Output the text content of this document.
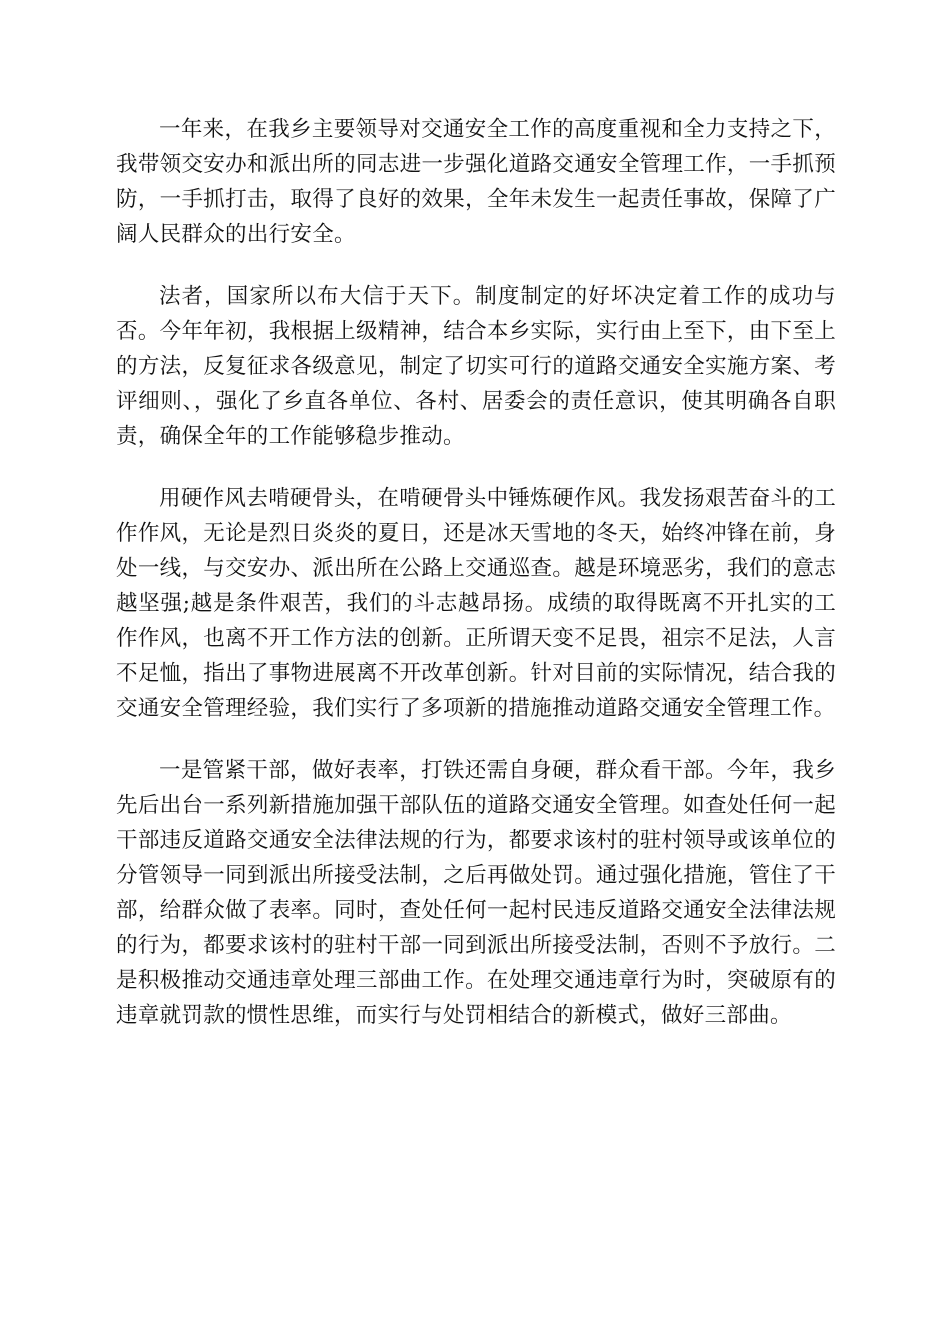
一年来，在我乡主要领导对交通安全工作的高度重视和全力支持之下，我带领交安办和派出所的同志进一步强化道路交通安全管理工作，一手抓预防，一手抓打击，取得了良好的效果，全年未发生一起责任事故，保障了广阔人民群众的出行安全。

法者，国家所以布大信于天下。制度制定的好坏决定着工作的成功与否。今年年初，我根据上级精神，结合本乡实际，实行由上至下，由下至上的方法，反复征求各级意见，制定了切实可行的道路交通安全实施方案、考评细则、，强化了乡直各单位、各村、居委会的责任意识，使其明确各自职责，确保全年的工作能够稳步推动。

用硬作风去啃硬骨头，在啃硬骨头中锤炼硬作风。我发扬艰苦奋斗的工作作风，无论是烈日炎炎的夏日，还是冰天雪地的冬天，始终冲锋在前，身处一线，与交安办、派出所在公路上交通巡查。越是环境恶劣，我们的意志越坚强;越是条件艰苦，我们的斗志越昂扬。成绩的取得既离不开扎实的工作作风，也离不开工作方法的创新。正所谓天变不足畏，祖宗不足法，人言不足恤，指出了事物进展离不开改革创新。针对目前的实际情况，结合我的交通安全管理经验，我们实行了多项新的措施推动道路交通安全管理工作。

一是管紧干部，做好表率，打铁还需自身硬，群众看干部。今年，我乡先后出台一系列新措施加强干部队伍的道路交通安全管理。如查处任何一起干部违反道路交通安全法律法规的行为，都要求该村的驻村领导或该单位的分管领导一同到派出所接受法制，之后再做处罚。通过强化措施，管住了干部，给群众做了表率。同时，查处任何一起村民违反道路交通安全法律法规的行为，都要求该村的驻村干部一同到派出所接受法制，否则不予放行。二是积极推动交通违章处理三部曲工作。在处理交通违章行为时，突破原有的违章就罚款的惯性思维，而实行与处罚相结合的新模式，做好三部曲。
